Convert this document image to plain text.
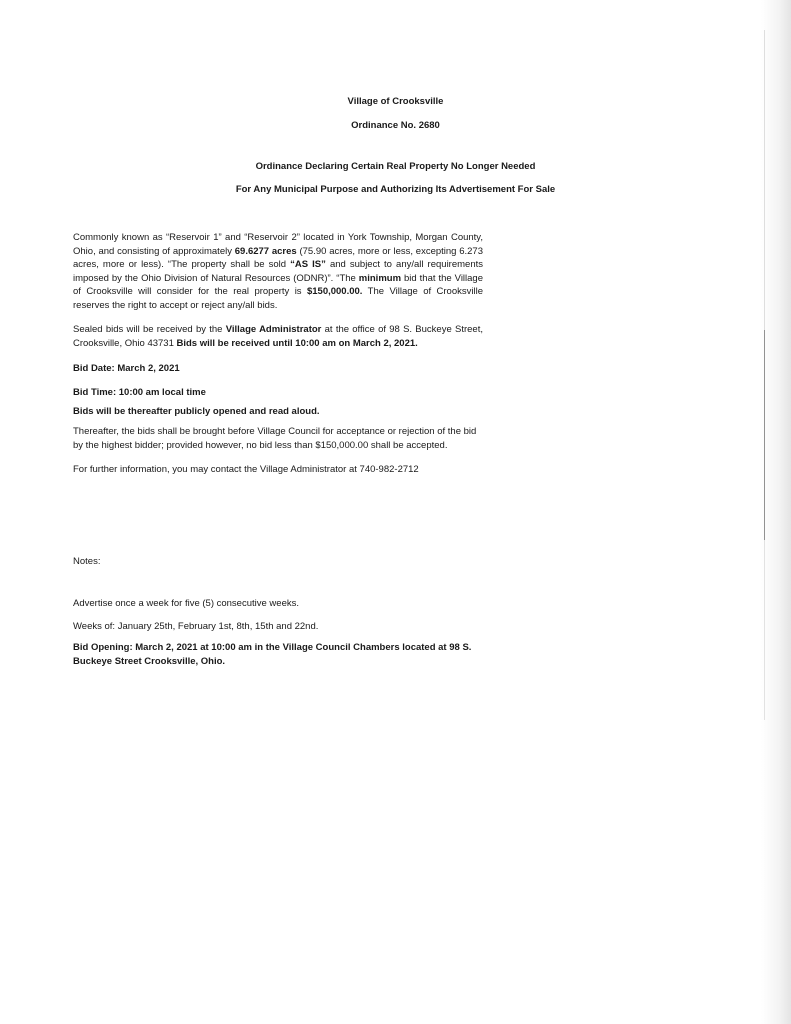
Village of Crooksville

Ordinance No. 2680

Ordinance Declaring Certain Real Property No Longer Needed

For Any Municipal Purpose and Authorizing Its Advertisement For Sale

Commonly known as “Reservoir 1” and “Reservoir 2” located in York Township, Morgan County, Ohio, and consisting of approximately 69.6277 acres (75.90 acres, more or less, excepting 6.273 acres, more or less). “The property shall be sold “AS IS” and subject to any/all requirements imposed by the Ohio Division of Natural Resources (ODNR)”. “The minimum bid that the Village of Crooksville will consider for the real property is $150,000.00. The Village of Crooksville reserves the right to accept or reject any/all bids.

Sealed bids will be received by the Village Administrator at the office of 98 S. Buckeye Street, Crooksville, Ohio 43731 Bids will be received until 10:00 am on March 2, 2021.

Bid Date: March 2, 2021

Bid Time: 10:00 am local time

Bids will be thereafter publicly opened and read aloud.

Thereafter, the bids shall be brought before Village Council for acceptance or rejection of the bid by the highest bidder; provided however, no bid less than $150,000.00 shall be accepted.

For further information, you may contact the Village Administrator at 740-982-2712

Notes:

Advertise once a week for five (5) consecutive weeks.

Weeks of: January 25th, February 1st, 8th, 15th and 22nd.

Bid Opening: March 2, 2021 at 10:00 am in the Village Council Chambers located at 98 S. Buckeye Street Crooksville, Ohio.
